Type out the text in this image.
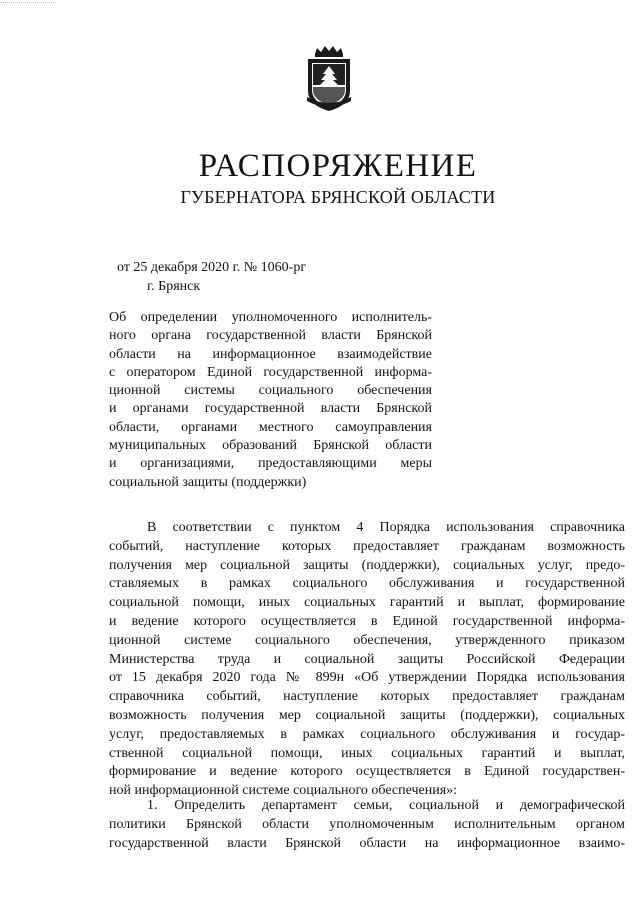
РАСПОРЯЖЕНИЕ
ГУБЕРНАТОРА БРЯНСКОЙ ОБЛАСТИ
от 25 декабря 2020 г. № 1060-рг
г. Брянск
Об определении уполномоченного исполнитель-
ного органа государственной власти Брянской
области на информационное взаимодействие
с оператором Единой государственной информа-
ционной системы социального обеспечения
и органами государственной власти Брянской
области, органами местного самоуправления
муниципальных образований Брянской области
и организациями, предоставляющими меры
социальной защиты (поддержки)
В соответствии с пунктом 4 Порядка использования справочника
событий, наступление которых предоставляет гражданам возможность
получения мер социальной защиты (поддержки), социальных услуг, предо-
ставляемых в рамках социального обслуживания и государственной
социальной помощи, иных социальных гарантий и выплат, формирование
и ведение которого осуществляется в Единой государственной информа-
ционной системе социального обеспечения, утвержденного приказом
Министерства труда и социальной защиты Российской Федерации
от 15 декабря 2020 года № 899н «Об утверждении Порядка использования
справочника событий, наступление которых предоставляет гражданам
возможность получения мер социальной защиты (поддержки), социальных
услуг, предоставляемых в рамках социального обслуживания и государ-
ственной социальной помощи, иных социальных гарантий и выплат,
формирование и ведение которого осуществляется в Единой государствен-
ной информационной системе социального обеспечения»:
1. Определить департамент семьи, социальной и демографической
политики Брянской области уполномоченным исполнительным органом
государственной власти Брянской области на информационное взаимо-
